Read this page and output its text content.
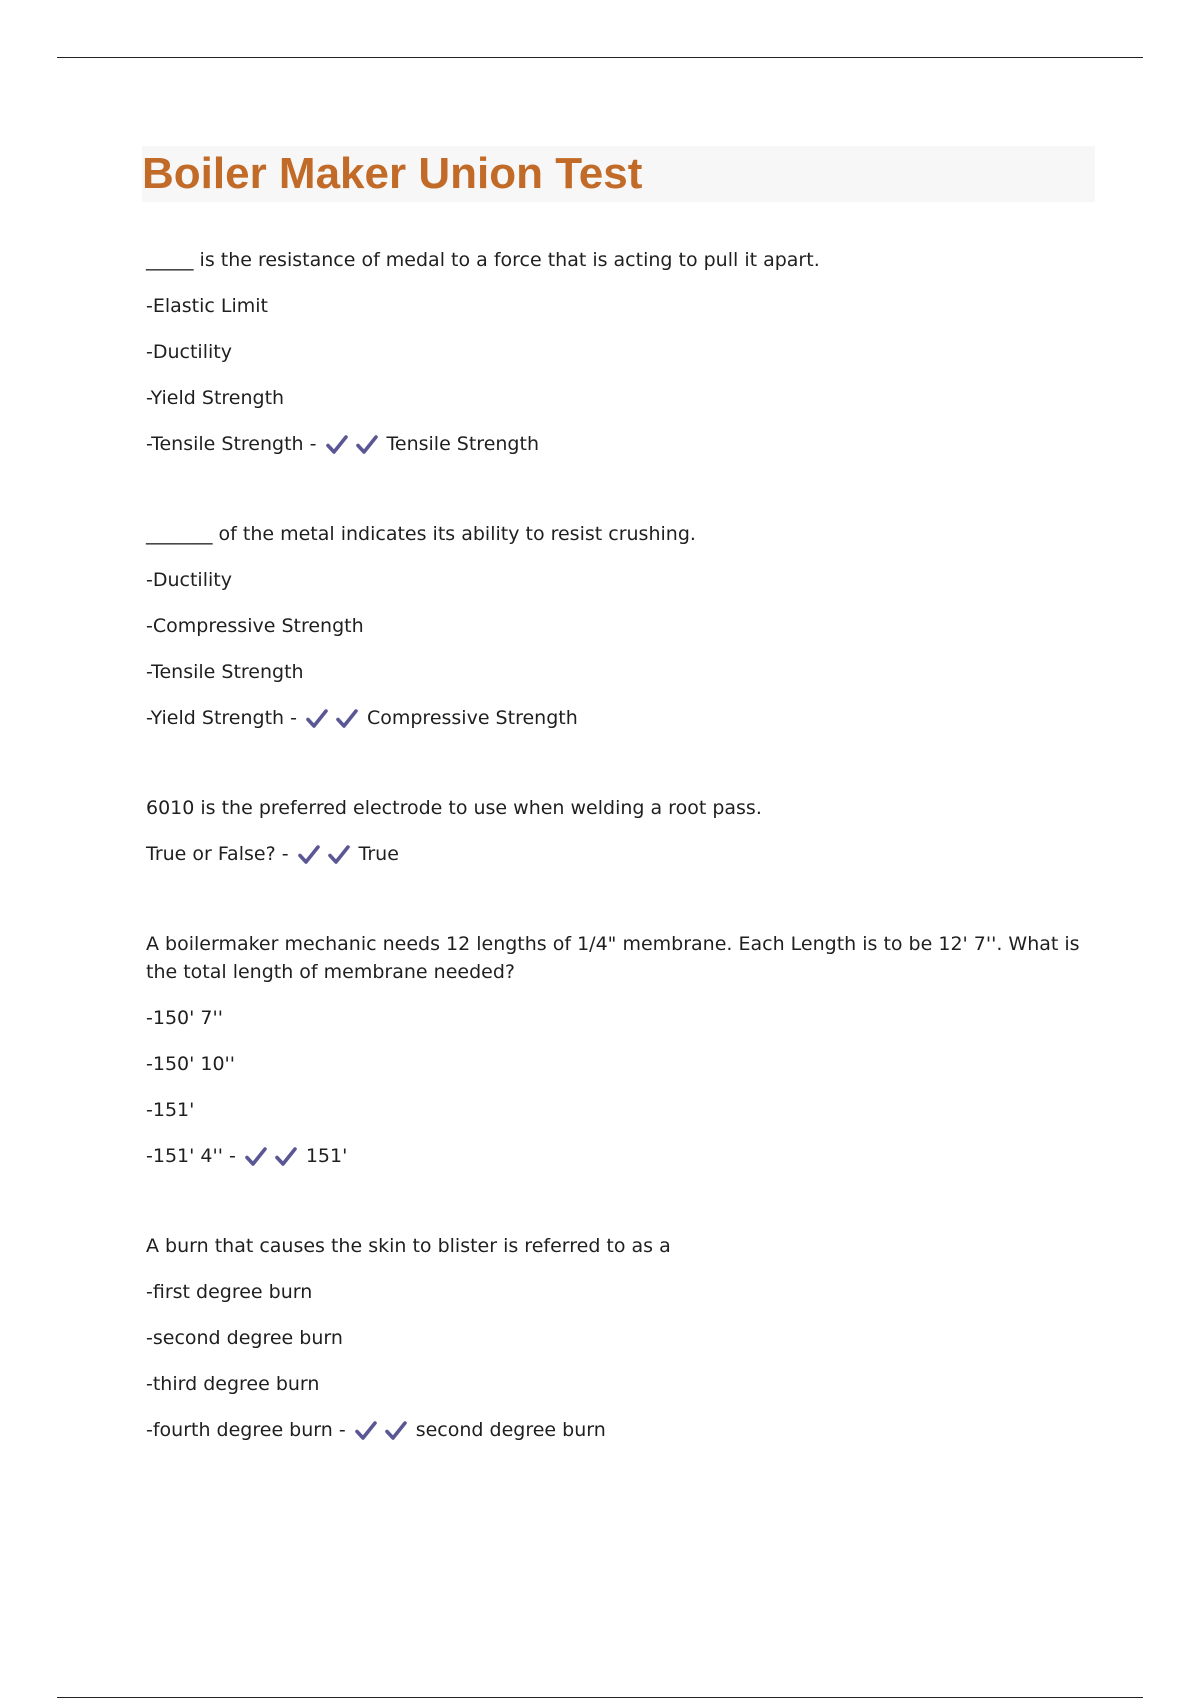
Boiler Maker Union Test

_____ is the resistance of medal to a force that is acting to pull it apart.

-Elastic Limit

-Ductility

-Yield Strength

-Tensile Strength -	Tensile Strength

_______ of the metal indicates its ability to resist crushing.

-Ductility

-Compressive Strength

-Tensile Strength

-Yield Strength -	Compressive Strength

6010 is the preferred electrode to use when welding a root pass.

True or False? -	True

A boilermaker mechanic needs 12 lengths of 1/4" membrane. Each Length is to be 12' 7''. What is the total length of membrane needed?

-150' 7''

-150' 10''

-151'

-151' 4'' -	151'

A burn that causes the skin to blister is referred to as a

-first degree burn

-second degree burn

-third degree burn

-fourth degree burn -	second degree burn
